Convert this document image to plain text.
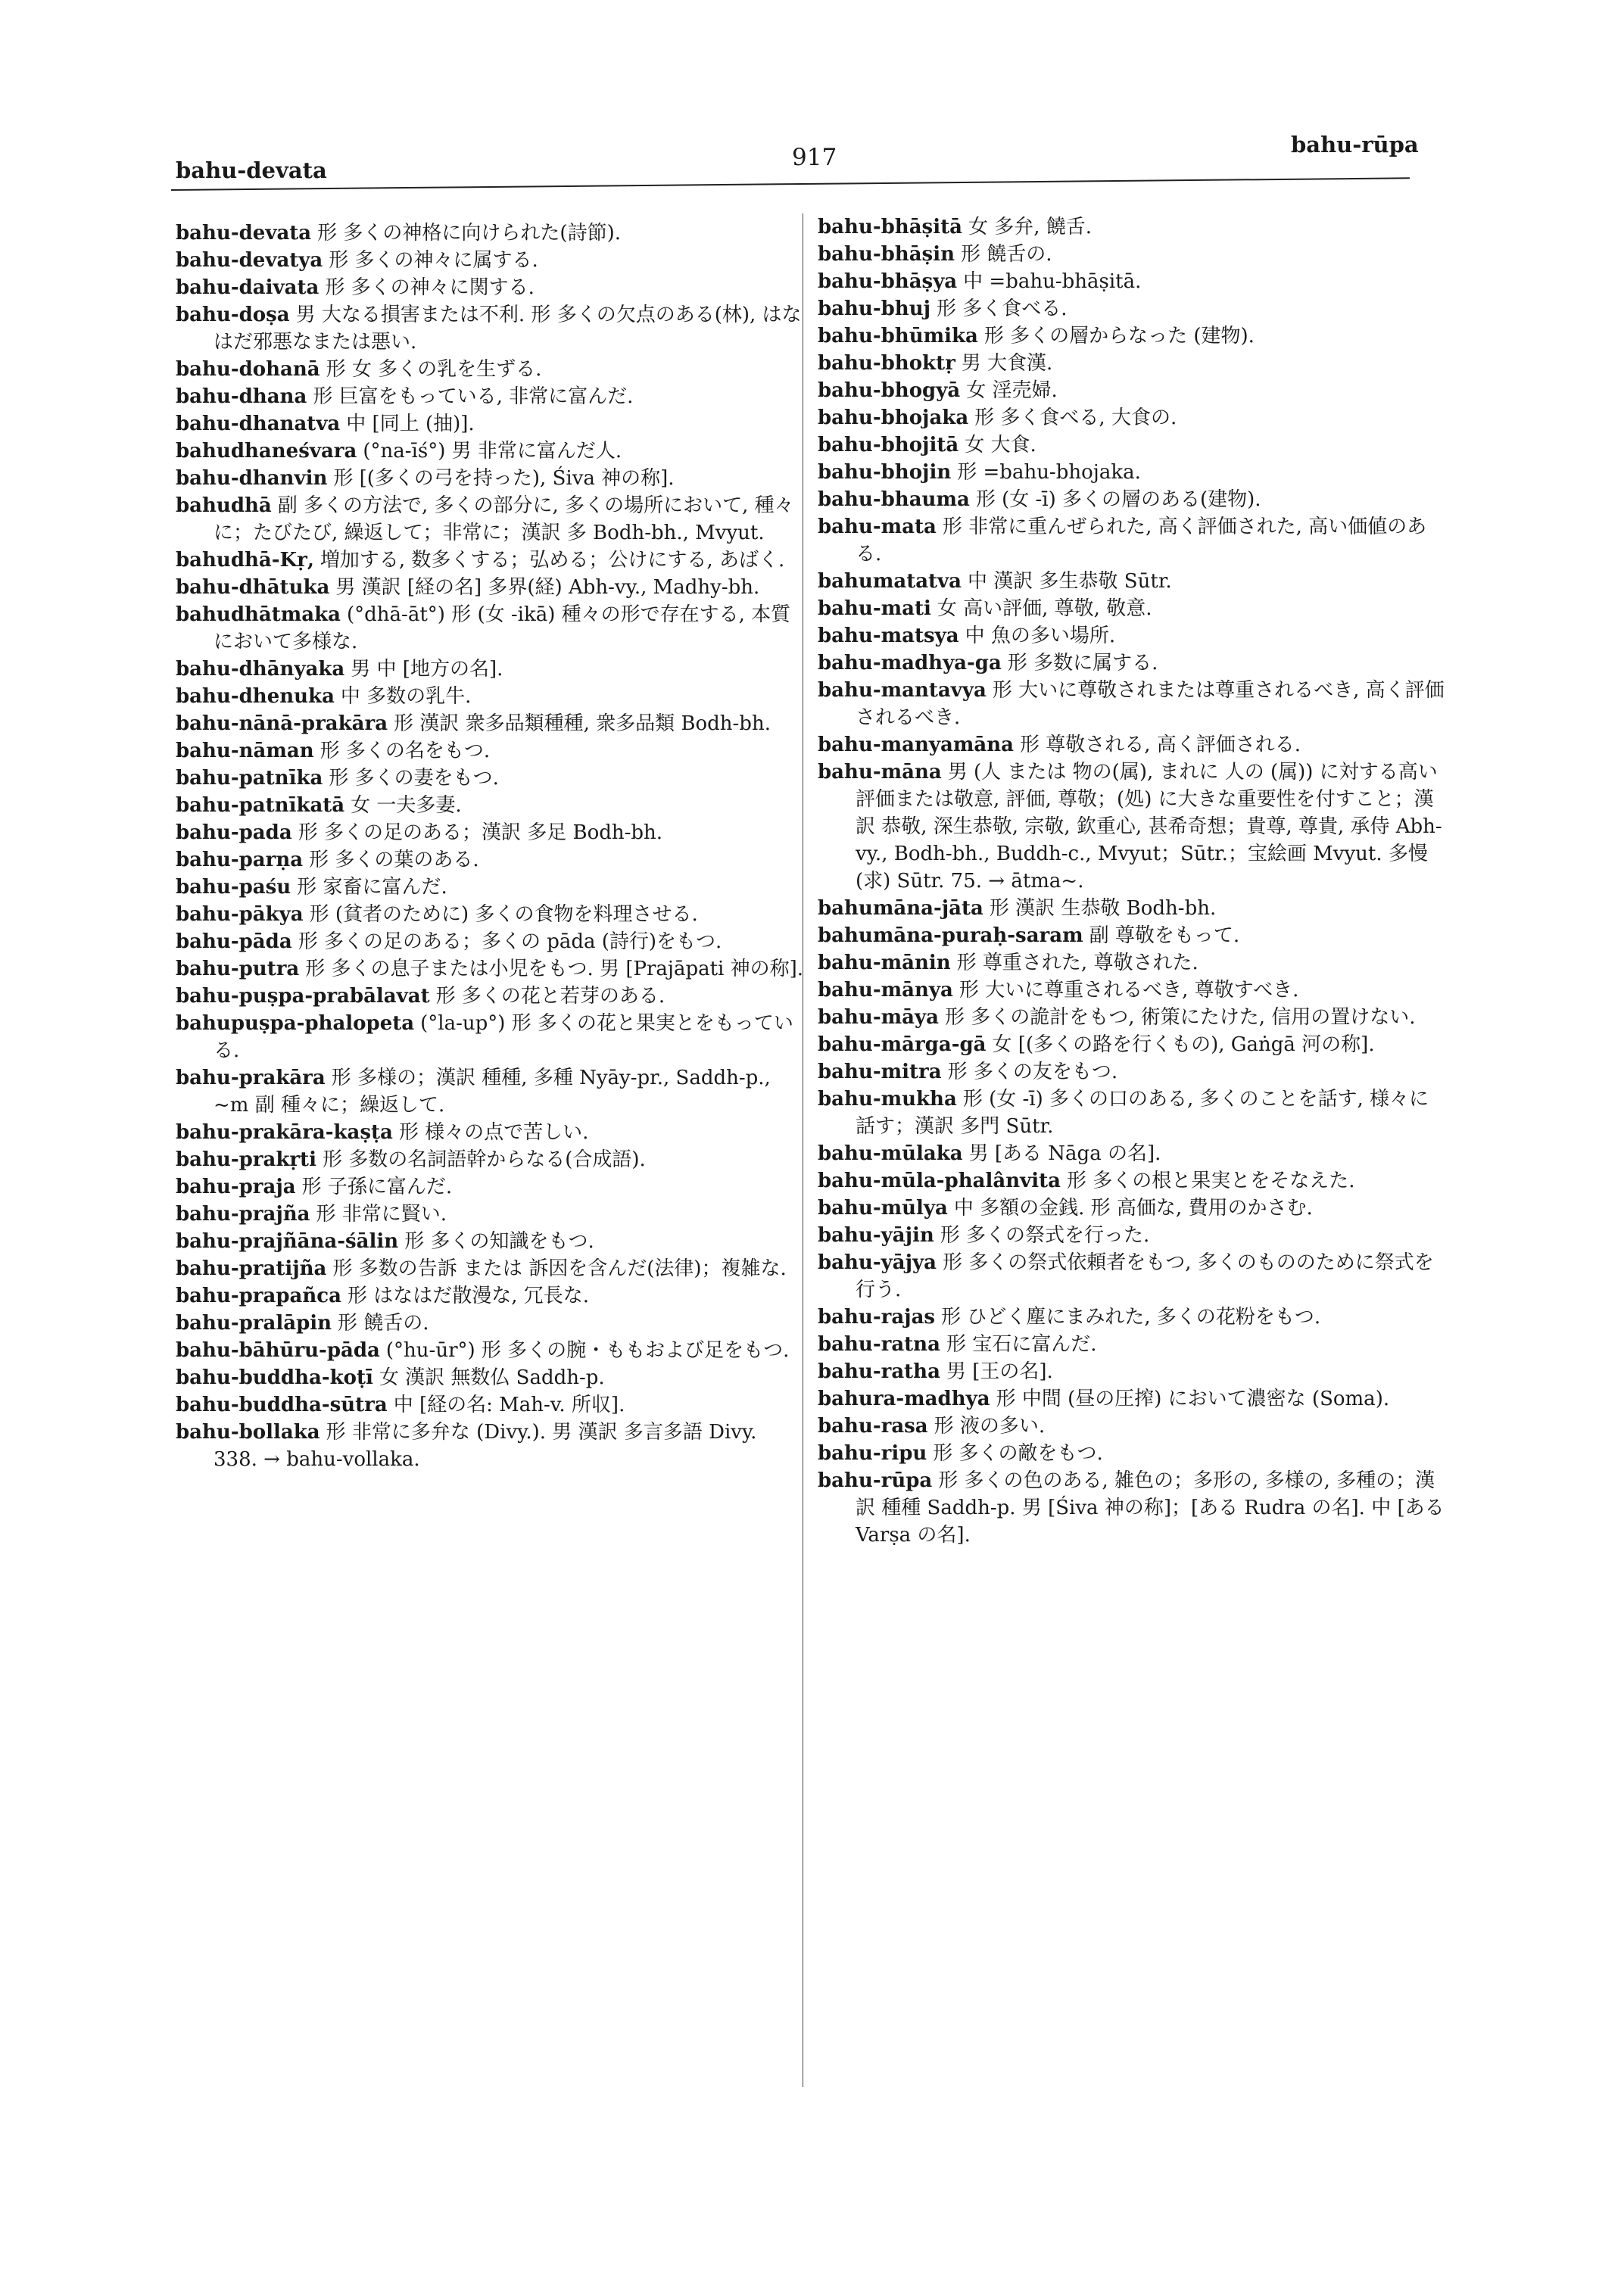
bahu-devata	917	bahu-rūpa
bahu-devata 形 多くの神格に向けられた(詩節).
bahu-devatya 形 多くの神々に属する.
bahu-daivata 形 多くの神々に関する.
bahu-doṣa 男 大なる損害または不利. 形 多くの欠点のある(林), はなはだ邪悪なまたは悪い.
bahu-dohanā 形 女 多くの乳を生ずる.
bahu-dhana 形 巨富をもっている, 非常に富んだ.
bahu-dhanatva 中 [同上 (抽)].
bahudhaneśvara (°na-īś°) 男 非常に富んだ人.
bahu-dhanvin 形 [(多くの弓を持った), Śiva 神の称].
bahudhā 副 多くの方法で, 多くの部分に, 多くの場所において, 種々に；たびたび, 繰返して；非常に；漢訳 多 Bodh-bh., Mvyut.
bahudhā-Kṛ, 増加する, 数多くする；弘める；公けにする, あばく.
bahu-dhātuka 男 漢訳 [経の名] 多界(経) Abh-vy., Madhy-bh.
bahudhātmaka (°dhā-āt°) 形 (女 -ikā) 種々の形で存在する, 本質において多様な.
bahu-dhānyaka 男 中 [地方の名].
bahu-dhenuka 中 多数の乳牛.
bahu-nānā-prakāra 形 漢訳 衆多品類種種, 衆多品類 Bodh-bh.
bahu-nāman 形 多くの名をもつ.
bahu-patnīka 形 多くの妻をもつ.
bahu-patnīkatā 女 一夫多妻.
bahu-pada 形 多くの足のある；漢訳 多足 Bodh-bh.
bahu-parṇa 形 多くの葉のある.
bahu-paśu 形 家畜に富んだ.
bahu-pākya 形 (貧者のために) 多くの食物を料理させる.
bahu-pāda 形 多くの足のある；多くの pāda (詩行)をもつ.
bahu-putra 形 多くの息子または小児をもつ. 男 [Prajāpati 神の称].
bahu-puṣpa-prabālavat 形 多くの花と若芽のある.
bahupuṣpa-phalopeta (°la-up°) 形 多くの花と果実とをもっている.
bahu-prakāra 形 多様の；漢訳 種種, 多種 Nyāy-pr., Saddh-p., ~m 副 種々に；繰返して.
bahu-prakāra-kaṣṭa 形 様々の点で苦しい.
bahu-prakṛti 形 多数の名詞語幹からなる(合成語).
bahu-praja 形 子孫に富んだ.
bahu-prajña 形 非常に賢い.
bahu-prajñāna-śālin 形 多くの知識をもつ.
bahu-pratijña 形 多数の告訴 または 訴因を含んだ(法律)；複雑な.
bahu-prapañca 形 はなはだ散漫な, 冗長な.
bahu-pralāpin 形 饒舌の.
bahu-bāhūru-pāda (°hu-ūr°) 形 多くの腕・ももおよび足をもつ.
bahu-buddha-koṭī 女 漢訳 無数仏 Saddh-p.
bahu-buddha-sūtra 中 [経の名: Mah-v. 所収].
bahu-bollaka 形 非常に多弁な (Divy.). 男 漢訳 多言多語 Divy. 338. → bahu-vollaka.
bahu-bhāṣitā 女 多弁, 饒舌.
bahu-bhāṣin 形 饒舌の.
bahu-bhāṣya 中 =bahu-bhāṣitā.
bahu-bhuj 形 多く食べる.
bahu-bhūmika 形 多くの層からなった (建物).
bahu-bhoktṛ 男 大食漢.
bahu-bhogyā 女 淫売婦.
bahu-bhojaka 形 多く食べる, 大食の.
bahu-bhojitā 女 大食.
bahu-bhojin 形 =bahu-bhojaka.
bahu-bhauma 形 (女 -ī) 多くの層のある(建物).
bahu-mata 形 非常に重んぜられた, 高く評価された, 高い価値のある.
bahumatatva 中 漢訳 多生恭敬 Sūtr.
bahu-mati 女 高い評価, 尊敬, 敬意.
bahu-matsya 中 魚の多い場所.
bahu-madhya-ga 形 多数に属する.
bahu-mantavya 形 大いに尊敬されまたは尊重されるべき, 高く評価されるべき.
bahu-manyamāna 形 尊敬される, 高く評価される.
bahu-māna 男 (人 または 物の(属), まれに 人の (属)) に対する高い評価または敬意, 評価, 尊敬；(処) に大きな重要性を付すこと；漢訳 恭敬, 深生恭敬, 宗敬, 欽重心, 甚希奇想；貴尊, 尊貴, 承侍 Abh-vy., Bodh-bh., Buddh-c., Mvyut；Sūtr.；宝絵画 Mvyut. 多慢 (求) Sūtr. 75. → ātma~.
bahumāna-jāta 形 漢訳 生恭敬 Bodh-bh.
bahumāna-puraḥ-saram 副 尊敬をもって.
bahu-mānin 形 尊重された, 尊敬された.
bahu-mānya 形 大いに尊重されるべき, 尊敬すべき.
bahu-māya 形 多くの詭計をもつ, 術策にたけた, 信用の置けない.
bahu-mārga-gā 女 [(多くの路を行くもの), Gaṅgā 河の称].
bahu-mitra 形 多くの友をもつ.
bahu-mukha 形 (女 -ī) 多くの口のある, 多くのことを話す, 様々に話す；漢訳 多門 Sūtr.
bahu-mūlaka 男 [ある Nāga の名].
bahu-mūla-phalânvita 形 多くの根と果実とをそなえた.
bahu-mūlya 中 多額の金銭. 形 高価な, 費用のかさむ.
bahu-yājin 形 多くの祭式を行った.
bahu-yājya 形 多くの祭式依頼者をもつ, 多くのもののために祭式を行う.
bahu-rajas 形 ひどく塵にまみれた, 多くの花粉をもつ.
bahu-ratna 形 宝石に富んだ.
bahu-ratha 男 [王の名].
bahura-madhya 形 中間 (昼の圧搾) において濃密な (Soma).
bahu-rasa 形 液の多い.
bahu-ripu 形 多くの敵をもつ.
bahu-rūpa 形 多くの色のある, 雑色の；多形の, 多様の, 多種の；漢訳 種種 Saddh-p. 男 [Śiva 神の称]；[ある Rudra の名]. 中 [ある Varṣa の名].
